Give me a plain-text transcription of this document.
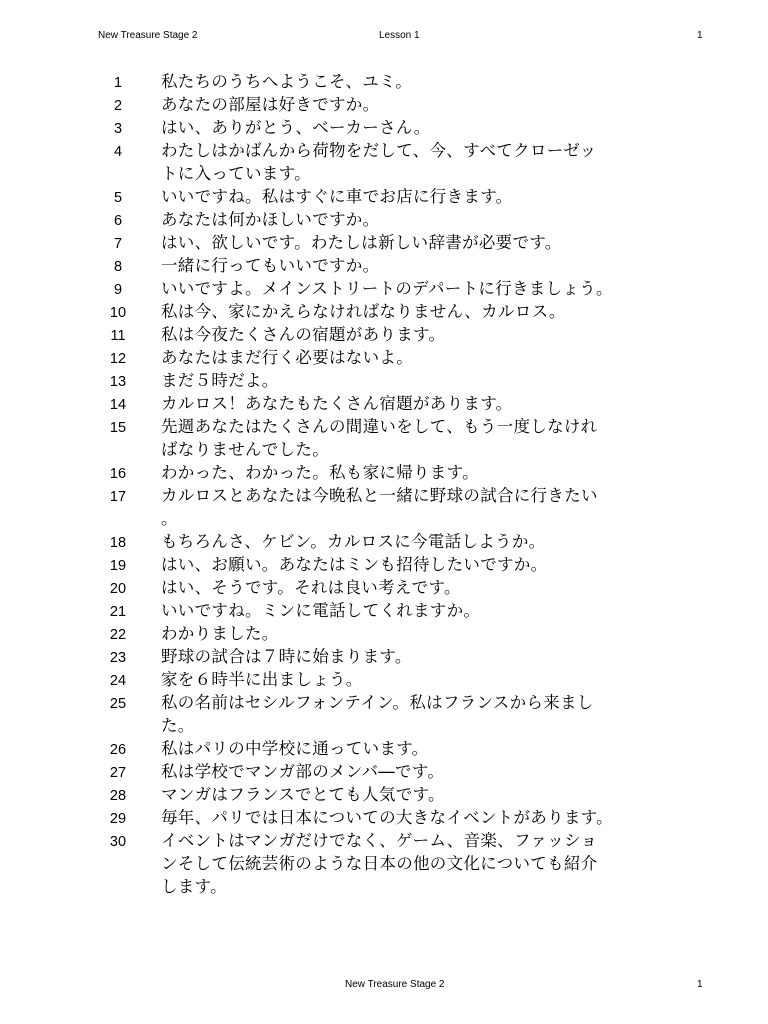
New Treasure Stage 2	Lesson 1	1
1	私たちのうちへようこそ、ユミ。
2	あなたの部屋は好きですか。
3	はい、ありがとう、ベーカーさん。
4	わたしはかばんから荷物をだして、今、すべてクローゼッ
トに入っています。
5	いいですね。私はすぐに車でお店に行きます。
6	あなたは何かほしいですか。
7	はい、欲しいです。わたしは新しい辞書が必要です。
8	一緒に行ってもいいですか。
9	いいですよ。メインストリートのデパートに行きましょう。
10	私は今、家にかえらなければなりません、カルロス。
11	私は今夜たくさんの宿題があります。
12	あなたはまだ行く必要はないよ。
13	まだ５時だよ。
14	カルロス！あなたもたくさん宿題があります。
15	先週あなたはたくさんの間違いをして、もう一度しなけれ
ばなりませんでした。
16	わかった、わかった。私も家に帰ります。
17	カルロスとあなたは今晩私と一緒に野球の試合に行きたい
。
18	もちろんさ、ケビン。カルロスに今電話しようか。
19	はい、お願い。あなたはミンも招待したいですか。
20	はい、そうです。それは良い考えです。
21	いいですね。ミンに電話してくれますか。
22	わかりました。
23	野球の試合は７時に始まります。
24	家を６時半に出ましょう。
25	私の名前はセシルフォンテイン。私はフランスから来まし
た。
26	私はパリの中学校に通っています。
27	私は学校でマンガ部のメンバ―です。
28	マンガはフランスでとても人気です。
29	毎年、パリでは日本についての大きなイベントがあります。
30	イベントはマンガだけでなく、ゲーム、音楽、ファッショ
ンそして伝統芸術のような日本の他の文化についても紹介
します。
New Treasure Stage 2	1
